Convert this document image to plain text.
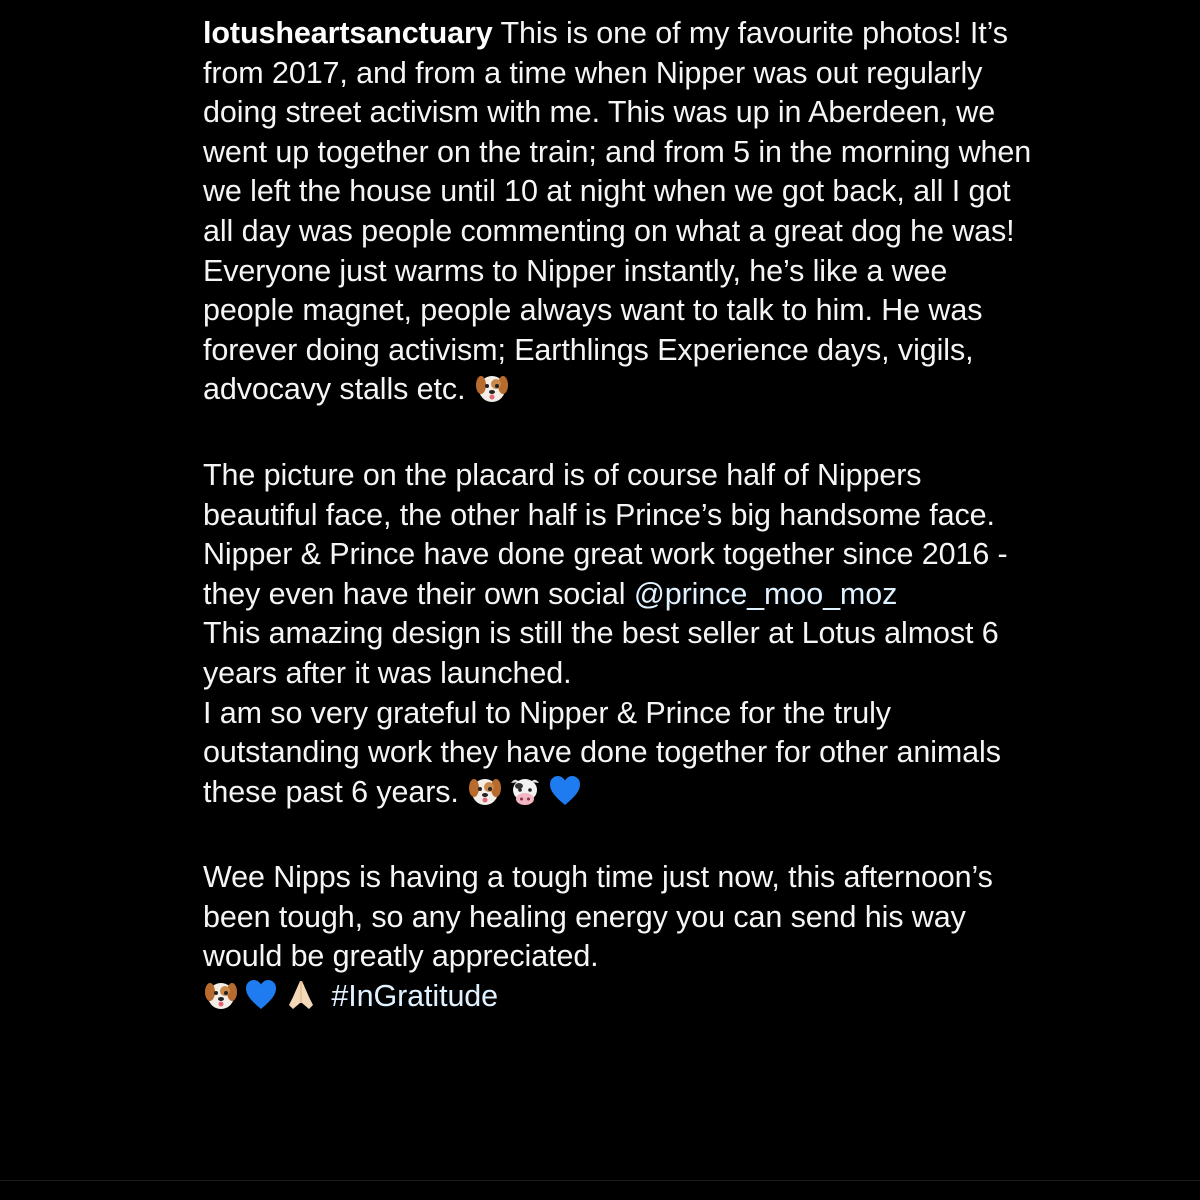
lotusheartsanctuary This is one of my favourite photos! It’s from 2017, and from a time when Nipper was out regularly doing street activism with me. This was up in Aberdeen, we went up together on the train; and from 5 in the morning when we left the house until 10 at night when we got back, all I got all day was people commenting on what a great dog he was! Everyone just warms to Nipper instantly, he’s like a wee people magnet, people always want to talk to him. He was forever doing activism; Earthlings Experience days, vigils, advocavy stalls etc.

The picture on the placard is of course half of Nippers beautiful face, the other half is Prince’s big handsome face. Nipper & Prince have done great work together since 2016 - they even have their own social @prince_moo_moz

This amazing design is still the best seller at Lotus almost 6 years after it was launched.

I am so very grateful to Nipper & Prince for the truly outstanding work they have done together for other animals these past 6 years.

Wee Nipps is having a tough time just now, this afternoon’s been tough, so any healing energy you can send his way would be greatly appreciated.

#InGratitude
